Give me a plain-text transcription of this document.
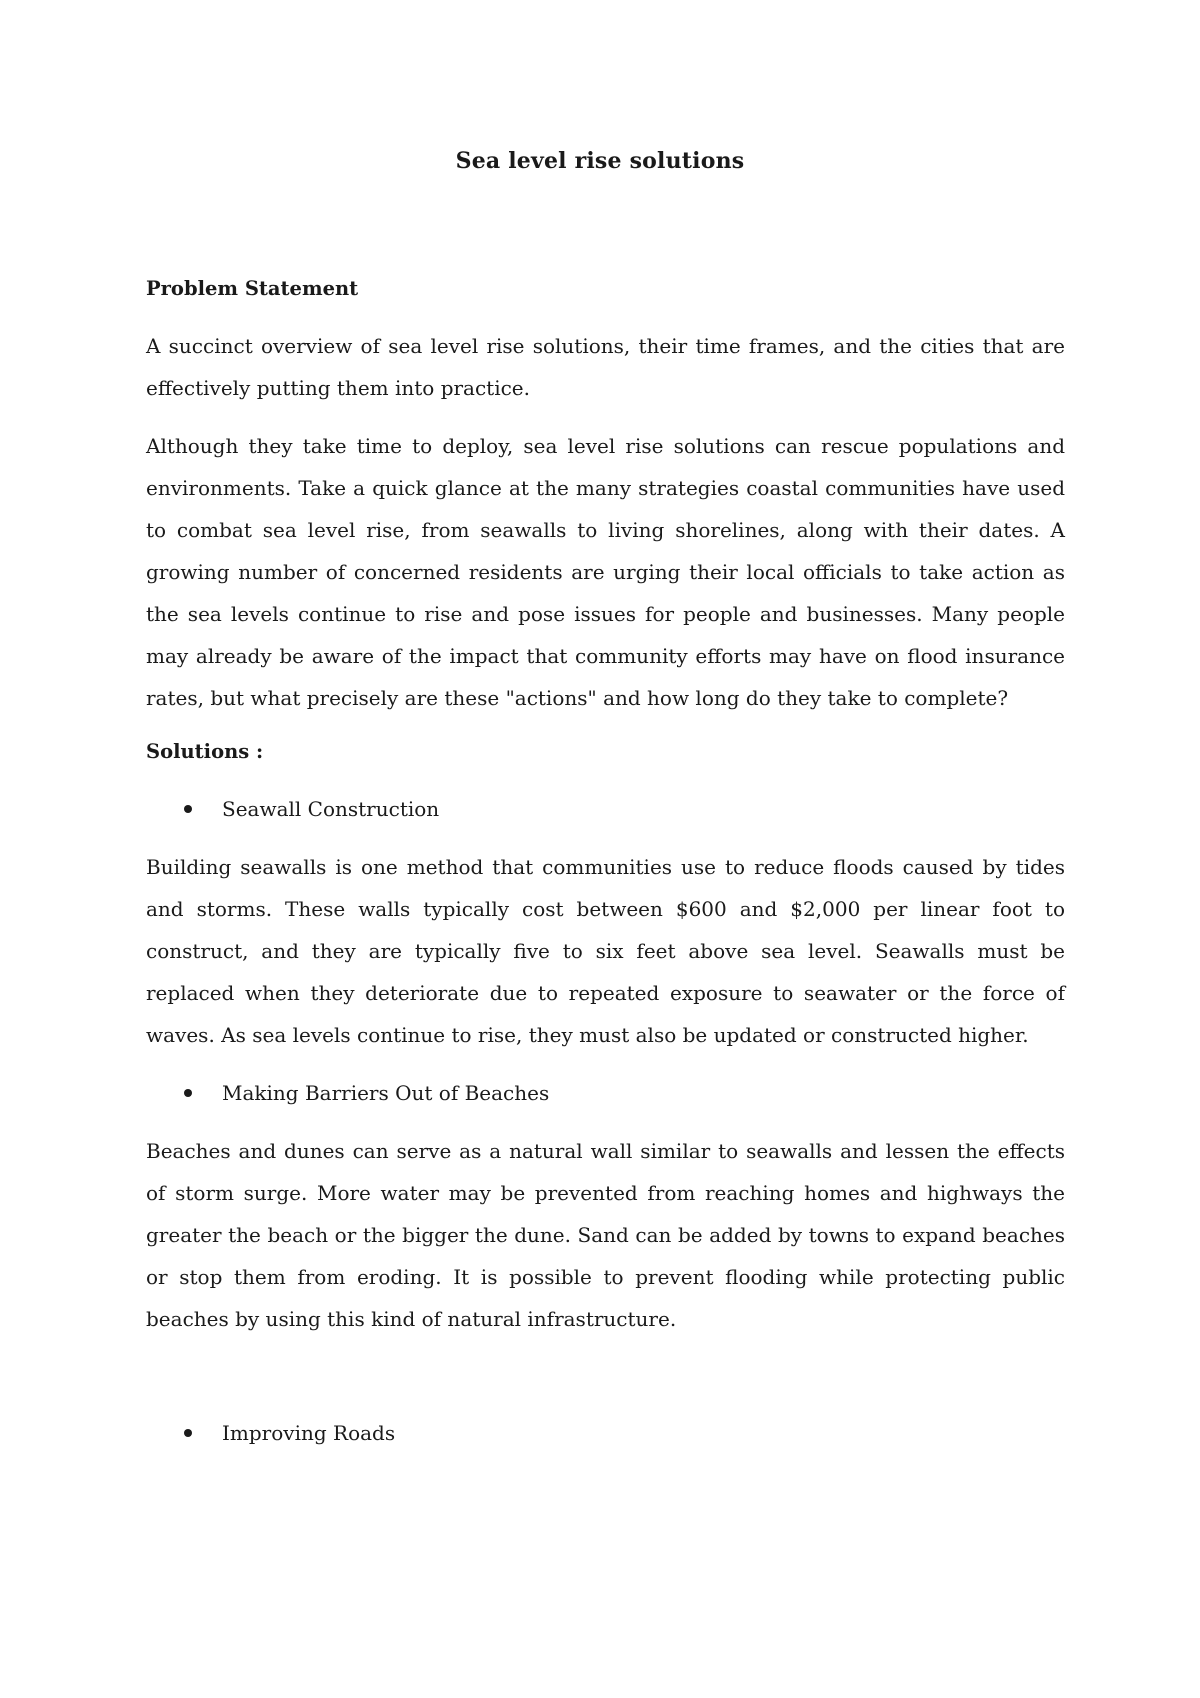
Sea level rise solutions
Problem Statement

A succinct overview of sea level rise solutions, their time frames, and the cities that are effectively putting them into practice.

Although they take time to deploy, sea level rise solutions can rescue populations and environments. Take a quick glance at the many strategies coastal communities have used to combat sea level rise, from seawalls to living shorelines, along with their dates. A growing number of concerned residents are urging their local officials to take action as the sea levels continue to rise and pose issues for people and businesses. Many people may already be aware of the impact that community efforts may have on flood insurance rates, but what precisely are these "actions" and how long do they take to complete?

Solutions :
Seawall Construction

Building seawalls is one method that communities use to reduce floods caused by tides and storms. These walls typically cost between $600 and $2,000 per linear foot to construct, and they are typically five to six feet above sea level. Seawalls must be replaced when they deteriorate due to repeated exposure to seawater or the force of waves. As sea levels continue to rise, they must also be updated or constructed higher.

Making Barriers Out of Beaches

Beaches and dunes can serve as a natural wall similar to seawalls and lessen the effects of storm surge. More water may be prevented from reaching homes and highways the greater the beach or the bigger the dune. Sand can be added by towns to expand beaches or stop them from eroding. It is possible to prevent flooding while protecting public beaches by using this kind of natural infrastructure.

Improving Roads
